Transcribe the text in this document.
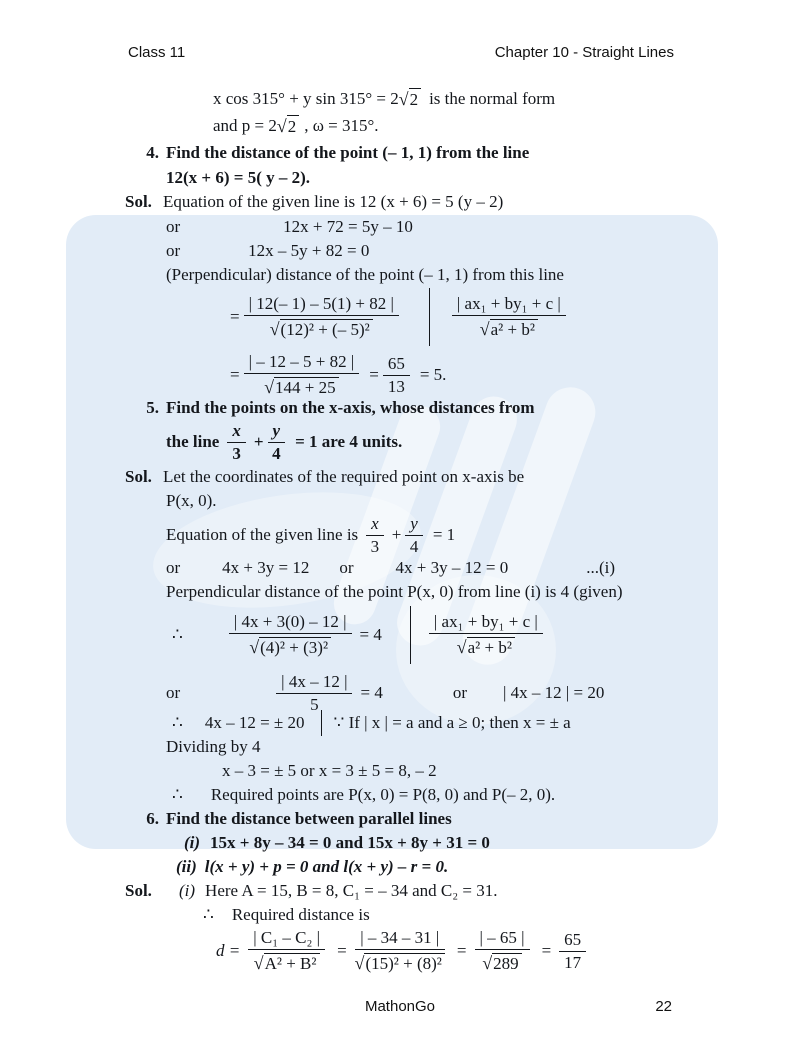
Class 11	Chapter 10 - Straight Lines
x cos 315° + y sin 315° = 2 √ 2 is the normal form
and p = 2 √ 2 , ω = 315°.
4. Find the distance of the point (– 1, 1) from the line
12(x + 6) = 5( y – 2).
Sol. Equation of the given line is 12 (x + 6) = 5 (y – 2)
or	12x + 72 = 5y – 10
or	12x – 5y + 82 = 0
(Perpendicular) distance of the point (– 1, 1) from this line
= $\frac{| 12(- 1) - 5(1) + 82 |}{\text{√(12)² + (– 5)²}}$	| ax₁ + by₁ + c |
√a² + b²
= $\frac{| - 12 - 5 + 82 |}{√144 + 25} = \frac{65}{13} = 5$.
5. Find the points on the x-axis, whose distances from
the line
x
3
+ $\frac{y}{4} = 1$ are 4 units.
Sol. Let the coordinates of the required point on x-axis be
P(x, 0).
Equation of the given line is
x
3
+ $\frac{y}{4} = 1$
or 4x + 3y = 12 or 4x + 3y – 12 = 0	...(i)
Perpendicular distance of the point P(x, 0) from line (i) is 4 (given)
∴	$\frac{| 4x + 3(0) - 12 |}{\text{√(4)² + (3)²}} = 4$
| ax₁ + by₁ + c |
√a² + b²
or	$\frac{| 4x - 12 |}{5} = 4$	or | 4x – 12 | = 20
∴ 4x – 12 = ± 20 ∵ If | x | = a and a ≥ 0; then x = ± a
Dividing by 4
x – 3 = ± 5 or x = 3 ± 5 = 8, – 2
∴ Required points are P(x, 0) = P(8, 0) and P(– 2, 0).
6. Find the distance between parallel lines
(i) 15x + 8y – 34 = 0 and 15x + 8y + 31 = 0
(ii) l(x + y) + p = 0 and l(x + y) – r = 0.
Sol. (i) Here A = 15, B = 8, C₁ = – 34 and C₂ = 31.
∴ Required distance is
$d = \frac{\text{| C₁ – C₂ |}}{\text{√A² + B²}} = \frac{| - 34 - 31 |}{\text{√(15)² + (8)²}} = \frac{| - 65 |}{√289} = \frac{65}{17}$
MathonGo	22
